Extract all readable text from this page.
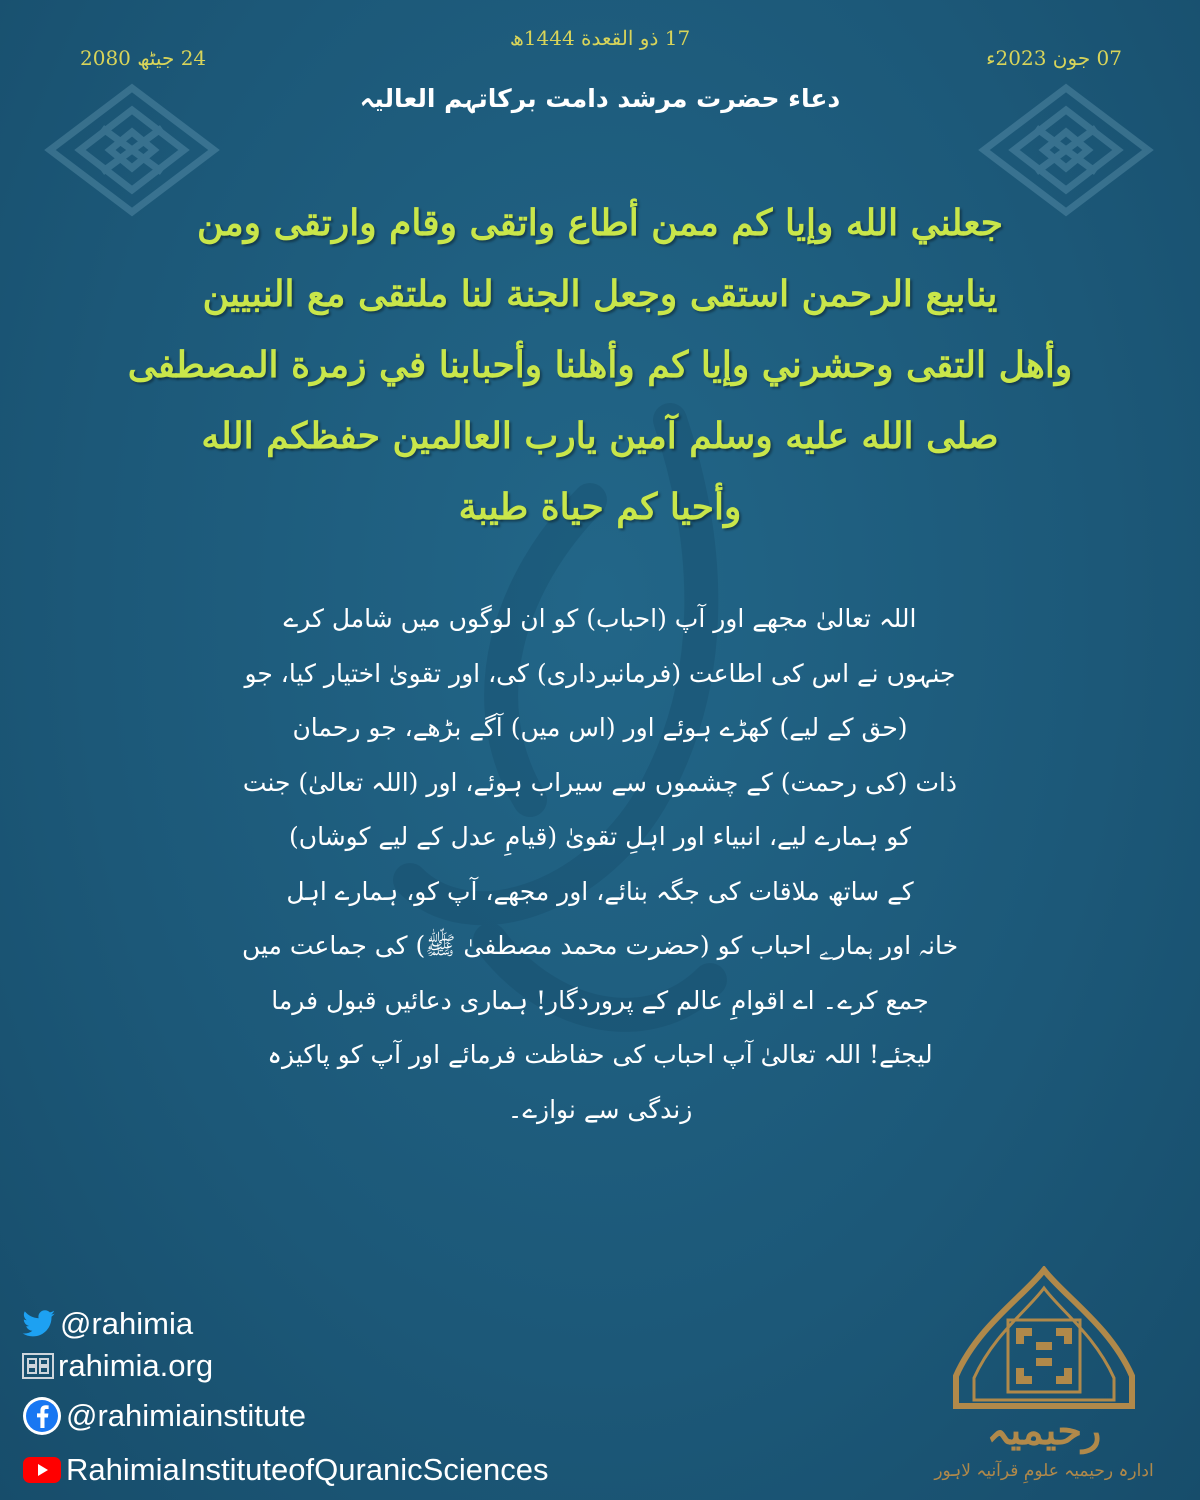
07 جون 2023ء
17 ذو القعدة 1444ھ
24 جیٹھ 2080
دعاء حضرت مرشد دامت برکاتہم العالیہ
جعلني الله وإيا كم ممن أطاع واتقى وقام وارتقى ومن
ينابيع الرحمن استقى وجعل الجنة لنا ملتقى مع النبيين
وأهل التقى وحشرني وإيا كم وأهلنا وأحبابنا في زمرة المصطفى
صلى الله عليه وسلم آمين يارب العالمين حفظكم الله
وأحيا كم حياة طيبة
اللہ تعالیٰ مجھے اور آپ (احباب) کو ان لوگوں میں شامل کرے
جنہوں نے اس کی اطاعت (فرمانبرداری) کی، اور تقویٰ اختیار کیا، جو
(حق کے لیے) کھڑے ہوئے اور (اس میں) آگے بڑھے، جو رحمان
ذات (کی رحمت) کے چشموں سے سیراب ہوئے، اور (اللہ تعالیٰ) جنت
کو ہمارے لیے، انبیاء اور اہلِ تقویٰ (قیامِ عدل کے لیے کوشاں)
کے ساتھ ملاقات کی جگہ بنائے، اور مجھے، آپ کو، ہمارے اہل
خانہ اور ہمارے احباب کو (حضرت محمد مصطفیٰ ﷺ) کی جماعت میں
جمع کرے۔ اے اقوامِ عالم کے پروردگار! ہماری دعائیں قبول فرما
لیجئے! اللہ تعالیٰ آپ احباب کی حفاظت فرمائے اور آپ کو پاکیزہ
زندگی سے نوازے۔
@rahimia
rahimia.org
@rahimiainstitute
RahimiaInstituteofQuranicSciences
رحیمیہ
ادارہ رحیمیہ علومِ قرآنیہ لاہور
